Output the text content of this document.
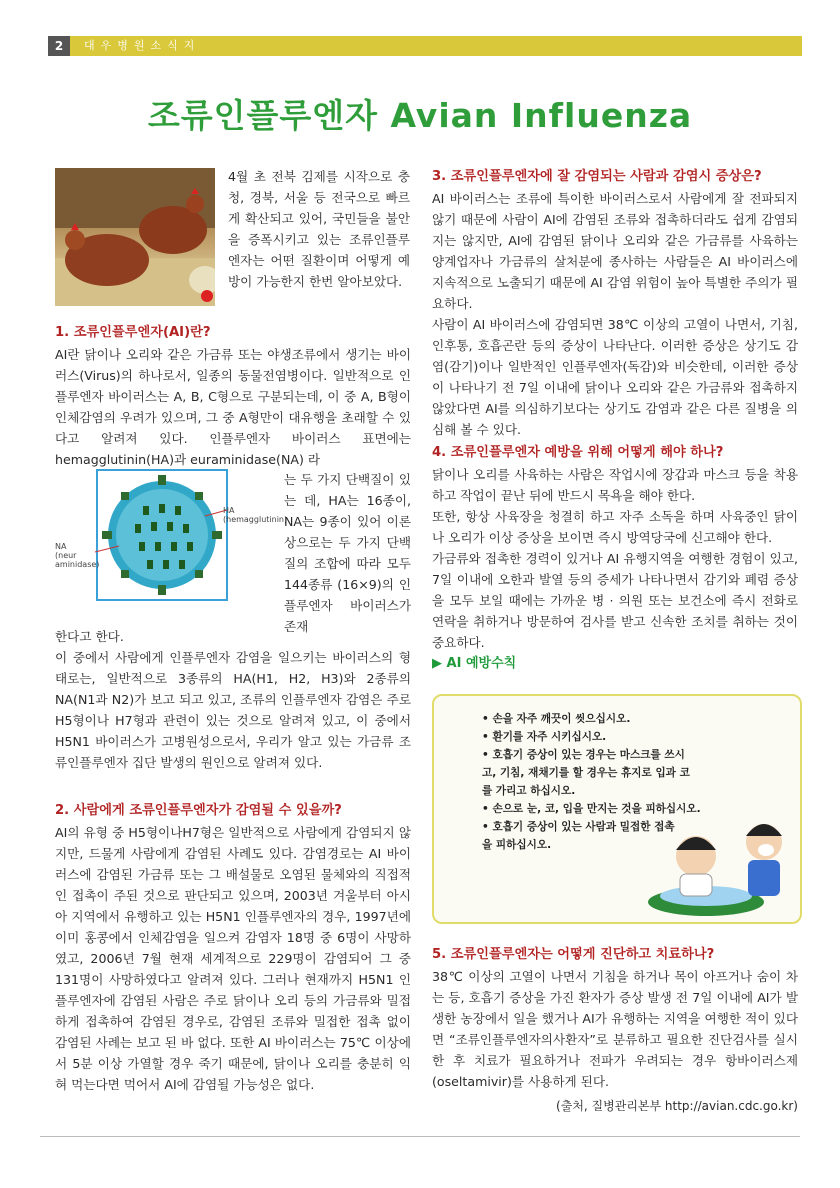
2	대우병원소식지
조류인플루엔자 Avian Influenza
HA
(hemagglutinin)
NA
(neur
aminidase)

4월 초 전북 김제를 시작으로 충청, 경북, 서울 등 전국으로 빠르게 확산되고 있어, 국민들을 불안을 증폭시키고 있는 조류인플루엔자는 어떤 질환이며 어떻게 예방이 가능한지 한번 알아보았다.

1. 조류인플루엔자(AI)란?

AI란 닭이나 오리와 같은 가금류 또는 야생조류에서 생기는 바이러스(Virus)의 하나로서, 일종의 동물전염병이다. 일반적으로 인플루엔자 바이러스는 A, B, C형으로 구분되는데, 이 중 A, B형이 인체감염의 우려가 있으며, 그 중 A형만이 대유행을 초래할 수 있다고 알려져 있다. 인플루엔자 바이러스 표면에는 hemagglutinin(HA)과 euraminidase(NA) 라

는 두 가지 단백질이 있는 데, HA는 16종이, NA는 9종이 있어 이론상으로는 두 가지 단백질의 조합에 따라 모두 144종류 (16×9)의 인플루엔자 바이러스가 존재

한다고 한다.

이 중에서 사람에게 인플루엔자 감염을 일으키는 바이러스의 형태로는, 일반적으로 3종류의 HA(H1, H2, H3)와 2종류의 NA(N1과 N2)가 보고 되고 있고, 조류의 인플루엔자 감염은 주로 H5형이나 H7형과 관련이 있는 것으로 알려져 있고, 이 중에서 H5N1 바이러스가 고병원성으로서, 우리가 알고 있는 가금류 조류인플루엔자 집단 발생의 원인으로 알려져 있다.

2. 사람에게 조류인플루엔자가 감염될 수 있을까?

AI의 유형 중 H5형이나H7형은 일반적으로 사람에게 감염되지 않지만, 드물게 사람에게 감염된 사례도 있다. 감염경로는 AI 바이러스에 감염된 가금류 또는 그 배설물로 오염된 물체와의 직접적인 접촉이 주된 것으로 판단되고 있으며, 2003년 겨울부터 아시아 지역에서 유행하고 있는 H5N1 인플루엔자의 경우, 1997년에 이미 홍콩에서 인체감염을 일으켜 감염자 18명 중 6명이 사망하였고, 2006년 7월 현재 세계적으로 229명이 감염되어 그 중 131명이 사망하였다고 알려져 있다. 그러나 현재까지 H5N1 인플루엔자에 감염된 사람은 주로 닭이나 오리 등의 가금류와 밀접하게 접촉하여 감염된 경우로, 감염된 조류와 밀접한 접촉 없이 감염된 사례는 보고 된 바 없다. 또한 AI 바이러스는 75℃ 이상에서 5분 이상 가열할 경우 죽기 때문에, 닭이나 오리를 충분히 익혀 먹는다면 먹어서 AI에 감염될 가능성은 없다.

3. 조류인플루엔자에 잘 감염되는 사람과 감염시 증상은?

AI 바이러스는 조류에 특이한 바이러스로서 사람에게 잘 전파되지 않기 때문에 사람이 AI에 감염된 조류와 접촉하더라도 쉽게 감염되지는 않지만, AI에 감염된 닭이나 오리와 같은 가금류를 사육하는 양계업자나 가금류의 살처분에 종사하는 사람들은 AI 바이러스에 지속적으로 노출되기 때문에 AI 감염 위험이 높아 특별한 주의가 필요하다.

사람이 AI 바이러스에 감염되면 38℃ 이상의 고열이 나면서, 기침, 인후통, 호흡곤란 등의 증상이 나타난다. 이러한 증상은 상기도 감염(감기)이나 일반적인 인플루엔자(독감)와 비슷한데, 이러한 증상이 나타나기 전 7일 이내에 닭이나 오리와 같은 가금류와 접촉하지 않았다면 AI를 의심하기보다는 상기도 감염과 같은 다른 질병을 의심해 볼 수 있다.

4. 조류인플루엔자 예방을 위해 어떻게 해야 하나?

닭이나 오리를 사육하는 사람은 작업시에 장갑과 마스크 등을 착용하고 작업이 끝난 뒤에 반드시 목욕을 해야 한다.

또한, 항상 사육장을 청결히 하고 자주 소독을 하며 사육중인 닭이나 오리가 이상 증상을 보이면 즉시 방역당국에 신고해야 한다.

가금류와 접촉한 경력이 있거나 AI 유행지역을 여행한 경험이 있고, 7일 이내에 오한과 발열 등의 증세가 나타나면서 감기와 폐렴 증상을 모두 보일 때에는 가까운 병 · 의원 또는 보건소에 즉시 전화로 연락을 취하거나 방문하여 검사를 받고 신속한 조치를 취하는 것이 중요하다.

▶ AI 예방수칙

• 손을 자주 깨끗이 씻으십시오.
• 환기를 자주 시키십시오.
• 호흡기 증상이 있는 경우는 마스크를 쓰시고, 기침, 재채기를 할 경우는 휴지로 입과 코를 가리고 하십시오.
• 손으로 눈, 코, 입을 만지는 것을 피하십시오.
• 호흡기 증상이 있는 사람과 밀접한 접촉을 피하십시오.

5. 조류인플루엔자는 어떻게 진단하고 치료하나?

38℃ 이상의 고열이 나면서 기침을 하거나 목이 아프거나 숨이 차는 등, 호흡기 증상을 가진 환자가 증상 발생 전 7일 이내에 AI가 발생한 농장에서 일을 했거나 AI가 유행하는 지역을 여행한 적이 있다면 “조류인플루엔자의사환자”로 분류하고 필요한 진단검사를 실시한 후 치료가 필요하거나 전파가 우려되는 경우 항바이러스제(oseltamivir)를 사용하게 된다.

(출처, 질병관리본부 http://avian.cdc.go.kr)
